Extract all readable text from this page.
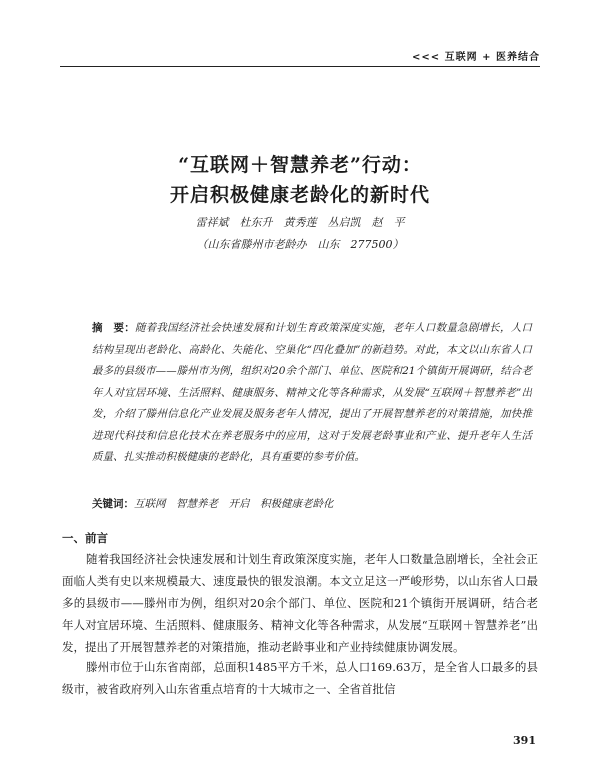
<<< 互联网 + 医养结合
“互联网＋智慧养老”行动：
开启积极健康老龄化的新时代
雷祥斌　杜东升　黄秀莲　丛启凯　赵　平
（山东省滕州市老龄办　山东　277500）
摘　要：随着我国经济社会快速发展和计划生育政策深度实施，老年人口数量急剧增长，人口结构呈现出老龄化、高龄化、失能化、空巢化“四化叠加”的新趋势。对此，本文以山东省人口最多的县级市——滕州市为例，组织对20余个部门、单位、医院和21个镇街开展调研，结合老年人对宜居环境、生活照料、健康服务、精神文化等各种需求，从发展“互联网＋智慧养老”出发，介绍了滕州信息化产业发展及服务老年人情况，提出了开展智慧养老的对策措施，加快推进现代科技和信息化技术在养老服务中的应用，这对于发展老龄事业和产业、提升老年人生活质量、扎实推动积极健康的老龄化，具有重要的参考价值。
关键词：互联网　智慧养老　开启　积极健康老龄化
一、前言
随着我国经济社会快速发展和计划生育政策深度实施，老年人口数量急剧增长，全社会正面临人类有史以来规模最大、速度最快的银发浪潮。本文立足这一严峻形势，以山东省人口最多的县级市——滕州市为例，组织对20余个部门、单位、医院和21个镇街开展调研，结合老年人对宜居环境、生活照料、健康服务、精神文化等各种需求，从发展“互联网＋智慧养老”出发，提出了开展智慧养老的对策措施，推动老龄事业和产业持续健康协调发展。
滕州市位于山东省南部，总面积1485平方千米，总人口169.63万，是全省人口最多的县级市，被省政府列入山东省重点培育的十大城市之一、全省首批信
391
